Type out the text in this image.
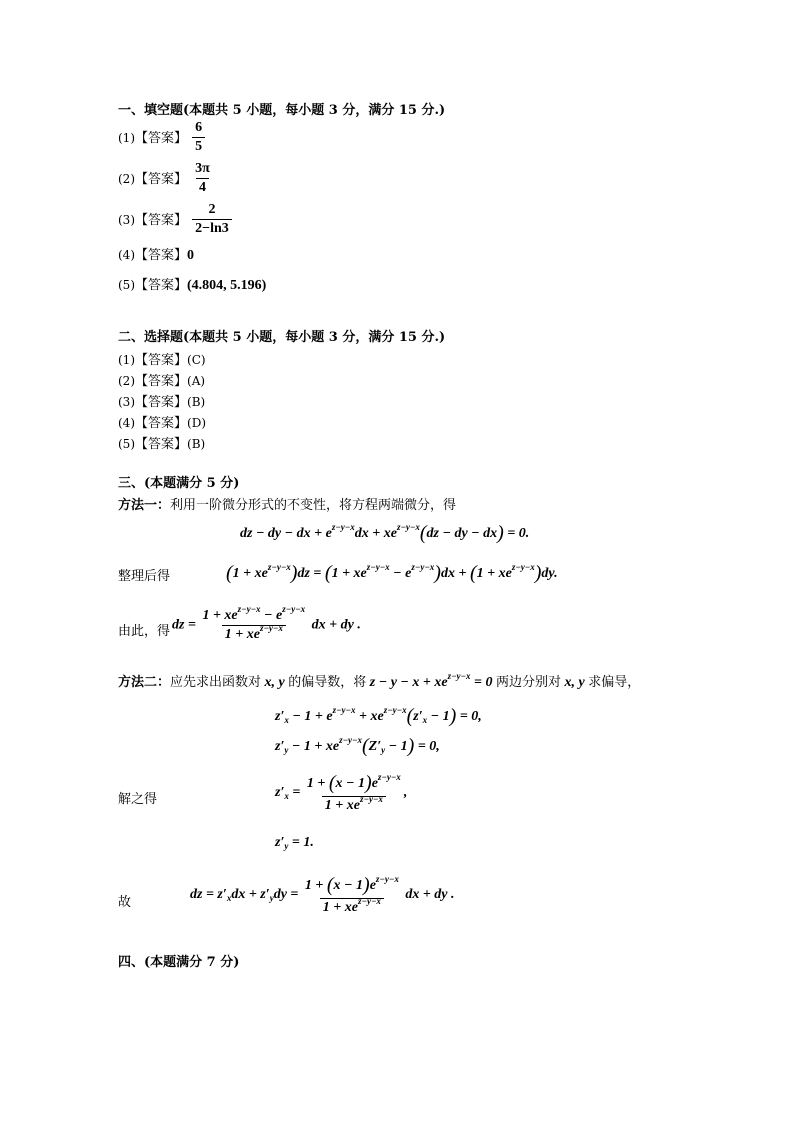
一、填空题(本题共 5 小题，每小题 3 分，满分 15 分.)
(1)【答案】 $\frac{6}{5}$
(2)【答案】 $\frac{3\pi}{4}$
(3)【答案】 $\frac{2}{2-\ln 3}$
(4)【答案】0
(5)【答案】(4.804, 5.196)
二、选择题(本题共 5 小题，每小题 3 分，满分 15 分.)
(1)【答案】(C)
(2)【答案】(A)
(3)【答案】(B)
(4)【答案】(D)
(5)【答案】(B)
三、(本题满分 5 分)
方法一：利用一阶微分形式的不变性，将方程两端微分，得
dz − dy − dx + $e^{z-y-x}dx + xe^{z-y-x}(dz$ − dy − dx) = 0.
整理后得	$(1 + xe^{z-y-x})dz = (1 + xe^{z-y-x} - e^{z-y-x})dx + (1 + xe^{z-y-x})dy$.
由此，得 dz = $\frac{1 + xe^{z-y-x} - e^{z-y-x}}{1 + xe^{z-y-x}}$ dx + dy .
方法二：应先求出函数对 x, y 的偏导数，将 $z - y - x + xe^{z-y-x} = 0$ 两边分别对 x, y 求偏导，
$z'_x - 1 + e^{z-y-x} + xe^{z-y-x}(z'_x - 1) = 0$,
$z'_y - 1 + xe^{z-y-x}(Z'_y - 1) = 0$,
解之得	$z'_x = \frac{1 + (x - 1)e^{z-y-x}}{1 + xe^{z-y-x}}$ ,
$z'_y = 1$.
故
dz = $z'_xdx + z'_ydy = \frac{1 + (x - 1)e^{z-y-x}}{1 + xe^{z-y-x}}$ dx + dy .
四、(本题满分 7 分)
